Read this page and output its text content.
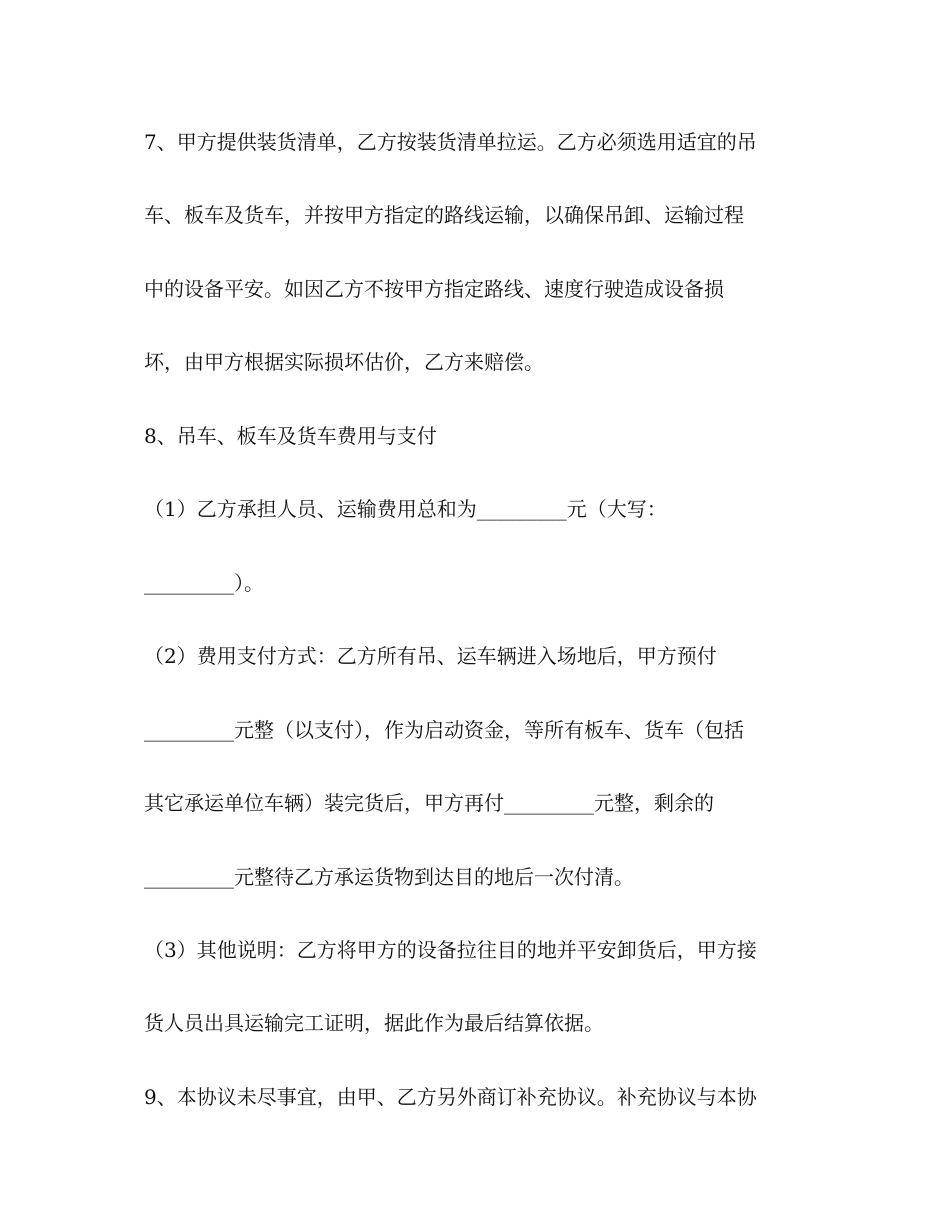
7、甲方提供装货清单，乙方按装货清单拉运。乙方必须选用适宜的吊
车、板车及货车，并按甲方指定的路线运输，以确保吊卸、运输过程
中的设备平安。如因乙方不按甲方指定路线、速度行驶造成设备损
坏，由甲方根据实际损坏估价，乙方来赔偿。
8、吊车、板车及货车费用与支付
（1）乙方承担人员、运输费用总和为_________元（大写：
_________）。
（2）费用支付方式：乙方所有吊、运车辆进入场地后，甲方预付
_________元整（以支付），作为启动资金，等所有板车、货车（包括
其它承运单位车辆）装完货后，甲方再付_________元整，剩余的
_________元整待乙方承运货物到达目的地后一次付清。
（3）其他说明：乙方将甲方的设备拉往目的地并平安卸货后，甲方接
货人员出具运输完工证明，据此作为最后结算依据。
9、本协议未尽事宜，由甲、乙方另外商订补充协议。补充协议与本协
